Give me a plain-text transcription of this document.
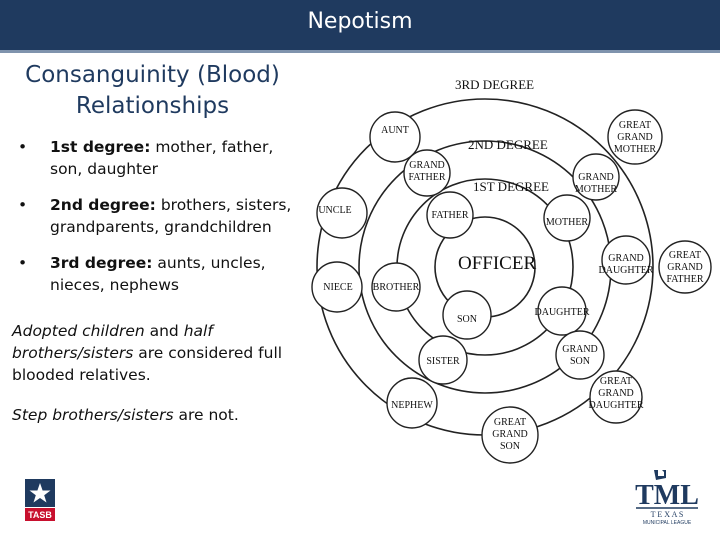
Nepotism
Consanguinity (Blood) Relationships
• 1st degree: mother, father, son, daughter
• 2nd degree: brothers, sisters, grandparents, grandchildren
• 3rd degree: aunts, uncles, nieces, nephews

Adopted children and half brothers/sisters are considered full blooded relatives.

Step brothers/sisters are not.

3RD DEGREE
2ND DEGREE
1ST DEGREE
OFFICER
AUNT	GREAT
GRAND
MOTHER
GRAND
FATHER	GRAND
MOTHER
UNCLE	FATHER
MOTHER
GRAND
DAUGHTER
GREAT
GRAND
FATHER
NIECE BROTHER
SON
DAUGHTER
SISTER
GRAND
SON
NEPHEW
GREAT
GRAND
DAUGHTER
GREAT
GRAND
SON
TASB
TML
T E X A S
MUNICIPAL LEAGUE
